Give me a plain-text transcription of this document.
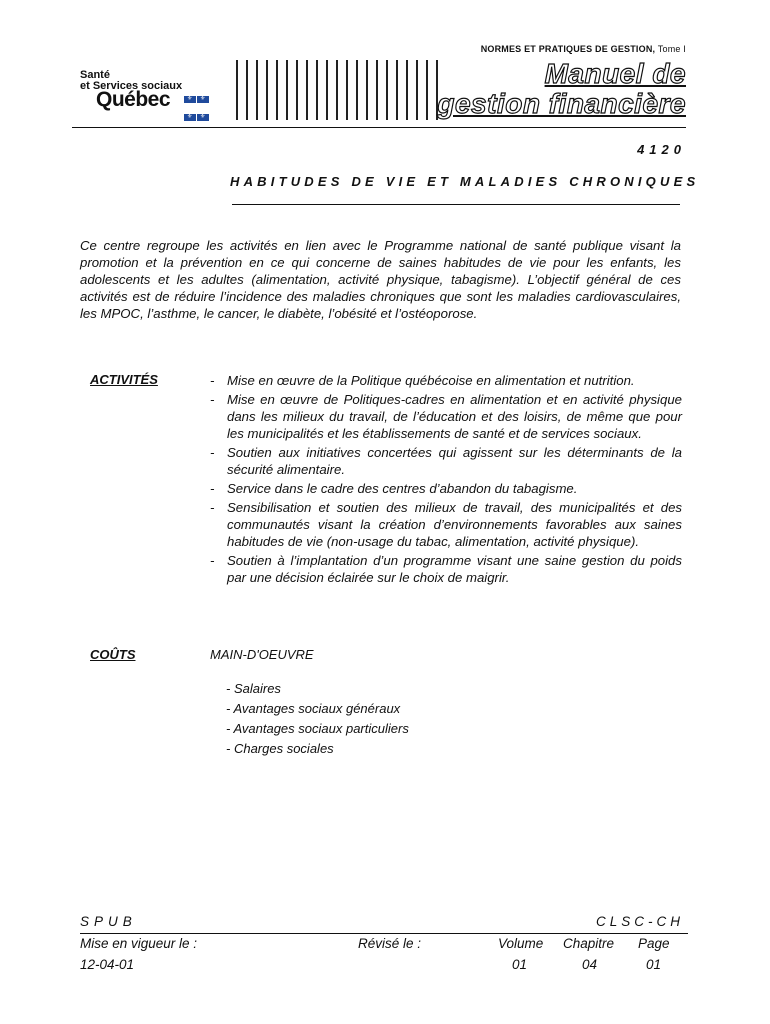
NORMES ET PRATIQUES DE GESTION, Tome I
Santé
et Services sociaux
Québec
⚜⚜
⚜⚜
Manuel de
gestion financière
4120
HABITUDES DE VIE ET MALADIES CHRONIQUES
Ce centre regroupe les activités en lien avec le Programme national de santé publique visant la promotion et la prévention en ce qui concerne de saines habitudes de vie pour les enfants, les adolescents et les adultes (alimentation, activité physique, tabagisme). L’objectif général de ces activités est de réduire l’incidence des maladies chroniques que sont les maladies cardiovasculaires, les MPOC, l’asthme, le cancer, le diabète, l’obésité et l’ostéoporose.
ACTIVITÉS
-	Mise en œuvre de la Politique québécoise en alimentation et nutrition.
- Mise en œuvre de Politiques-cadres en alimentation et en activité physique dans les milieux du travail, de l’éducation et des loisirs, de même que pour les municipalités et les établissements de santé et de services sociaux.
- Soutien aux initiatives concertées qui agissent sur les déterminants de la sécurité alimentaire.
- Service dans le cadre des centres d’abandon du tabagisme.
- Sensibilisation et soutien des milieux de travail, des municipalités et des communautés visant la création d’environnements favorables aux saines habitudes de vie (non-usage du tabac, alimentation, activité physique).
- Soutien à l’implantation d’un programme visant une saine gestion du poids par une décision éclairée sur le choix de maigrir.
COÛTS	MAIN-D'OEUVRE
- Salaires
- Avantages sociaux généraux
- Avantages sociaux particuliers
- Charges sociales
SPUB	CLSC-CH
Mise en vigueur le :
12-04-01
Révisé le :	Volume
01
Chapitre
04
Page
01
